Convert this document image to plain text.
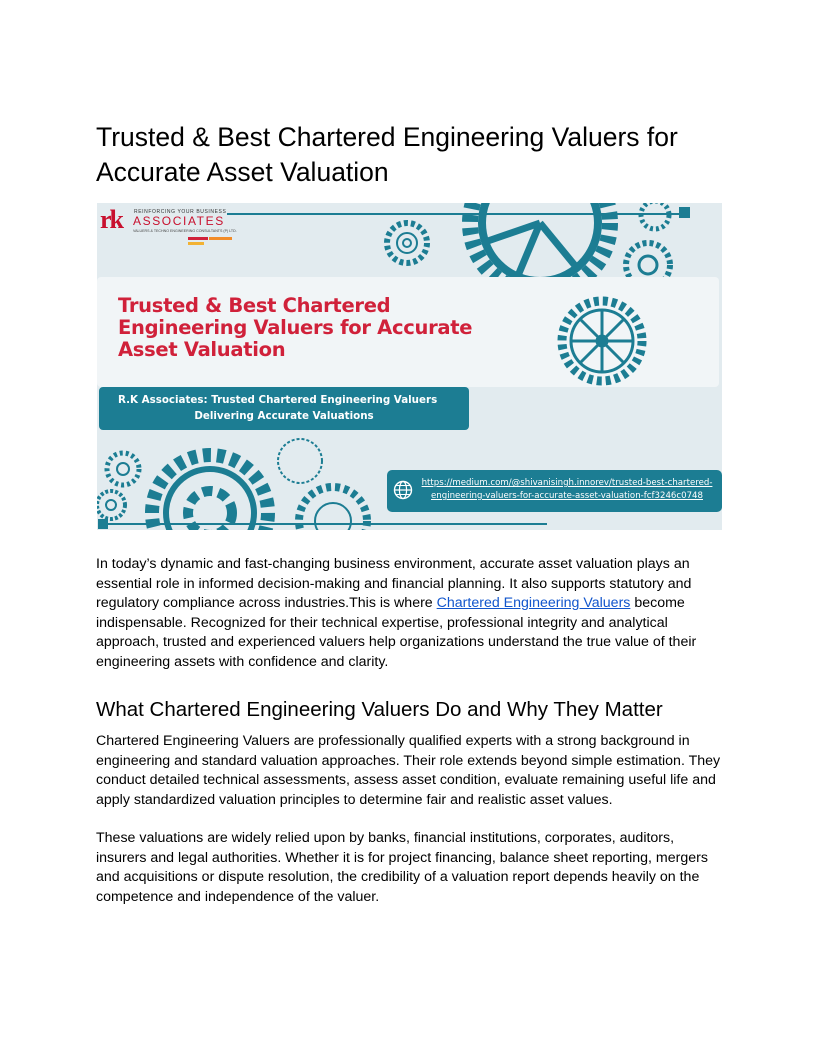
Trusted & Best Chartered Engineering Valuers for Accurate Asset Valuation
rk REINFORCING YOUR BUSINESS
ASSOCIATES
VALUERS & TECHNO ENGINEERING CONSULTANTS (P) LTD.
Trusted & Best Chartered
Engineering Valuers for Accurate
Asset Valuation
R.K Associates: Trusted Chartered Engineering Valuers
Delivering Accurate Valuations
https://medium.com/@shivanisingh.innorev/trusted-best-chartered-
engineering-valuers-for-accurate-asset-valuation-fcf3246c0748

In today’s dynamic and fast-changing business environment, accurate asset valuation plays an essential role in informed decision-making and financial planning. It also supports statutory and regulatory compliance across industries.This is where Chartered Engineering Valuers become indispensable. Recognized for their technical expertise, professional integrity and analytical approach, trusted and experienced valuers help organizations understand the true value of their engineering assets with confidence and clarity.

What Chartered Engineering Valuers Do and Why They Matter

Chartered Engineering Valuers are professionally qualified experts with a strong background in engineering and standard valuation approaches. Their role extends beyond simple estimation. They conduct detailed technical assessments, assess asset condition, evaluate remaining useful life and apply standardized valuation principles to determine fair and realistic asset values.

These valuations are widely relied upon by banks, financial institutions, corporates, auditors, insurers and legal authorities. Whether it is for project financing, balance sheet reporting, mergers and acquisitions or dispute resolution, the credibility of a valuation report depends heavily on the competence and independence of the valuer.
